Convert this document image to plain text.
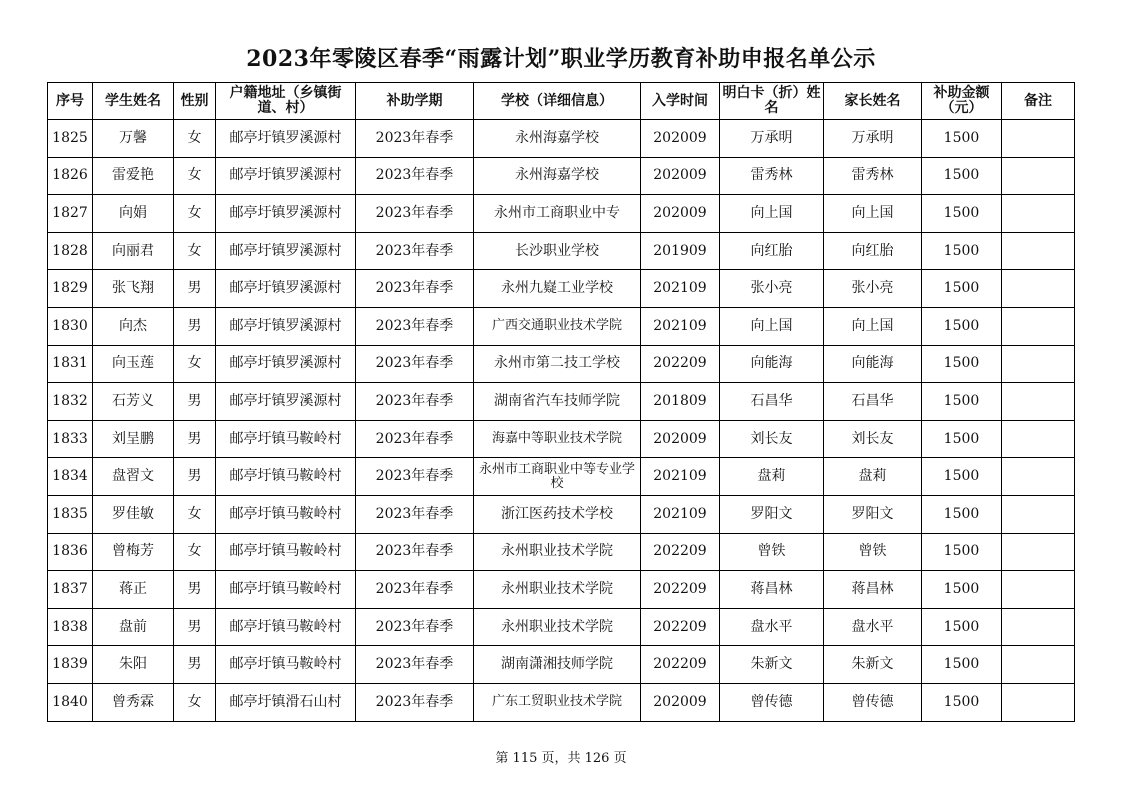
2023年零陵区春季“雨露计划”职业学历教育补助申报名单公示
序号	学生姓名	性别	户籍地址（乡镇街道、村）	补助学期	学校（详细信息）	入学时间	明白卡（折）姓名	家长姓名	补助金额（元）	备注
1825	万馨	女	邮亭圩镇罗溪源村	2023年春季	永州海嘉学校	202009	万承明	万承明	1500	
1826	雷爱艳	女	邮亭圩镇罗溪源村	2023年春季	永州海嘉学校	202009	雷秀林	雷秀林	1500	
1827	向娟	女	邮亭圩镇罗溪源村	2023年春季	永州市工商职业中专	202009	向上国	向上国	1500	
1828	向丽君	女	邮亭圩镇罗溪源村	2023年春季	长沙职业学校	201909	向红胎	向红胎	1500	
1829	张飞翔	男	邮亭圩镇罗溪源村	2023年春季	永州九嶷工业学校	202109	张小亮	张小亮	1500	
1830	向杰	男	邮亭圩镇罗溪源村	2023年春季	广西交通职业技术学院	202109	向上国	向上国	1500	
1831	向玉莲	女	邮亭圩镇罗溪源村	2023年春季	永州市第二技工学校	202209	向能海	向能海	1500	
1832	石芳义	男	邮亭圩镇罗溪源村	2023年春季	湖南省汽车技师学院	201809	石昌华	石昌华	1500	
1833	刘呈鹏	男	邮亭圩镇马鞍岭村	2023年春季	海嘉中等职业技术学院	202009	刘长友	刘长友	1500	
1834	盘習文	男	邮亭圩镇马鞍岭村	2023年春季	永州市工商职业中等专业学校	202109	盘莉	盘莉	1500	
1835	罗佳敏	女	邮亭圩镇马鞍岭村	2023年春季	浙江医药技术学校	202109	罗阳文	罗阳文	1500	
1836	曾梅芳	女	邮亭圩镇马鞍岭村	2023年春季	永州职业技术学院	202209	曾铁	曾铁	1500	
1837	蒋正	男	邮亭圩镇马鞍岭村	2023年春季	永州职业技术学院	202209	蒋昌林	蒋昌林	1500	
1838	盘前	男	邮亭圩镇马鞍岭村	2023年春季	永州职业技术学院	202209	盘水平	盘水平	1500	
1839	朱阳	男	邮亭圩镇马鞍岭村	2023年春季	湖南潇湘技师学院	202209	朱新文	朱新文	1500	
1840	曾秀霖	女	邮亭圩镇滑石山村	2023年春季	广东工贸职业技术学院	202009	曾传德	曾传德	1500	
第 115 页，共 126 页
